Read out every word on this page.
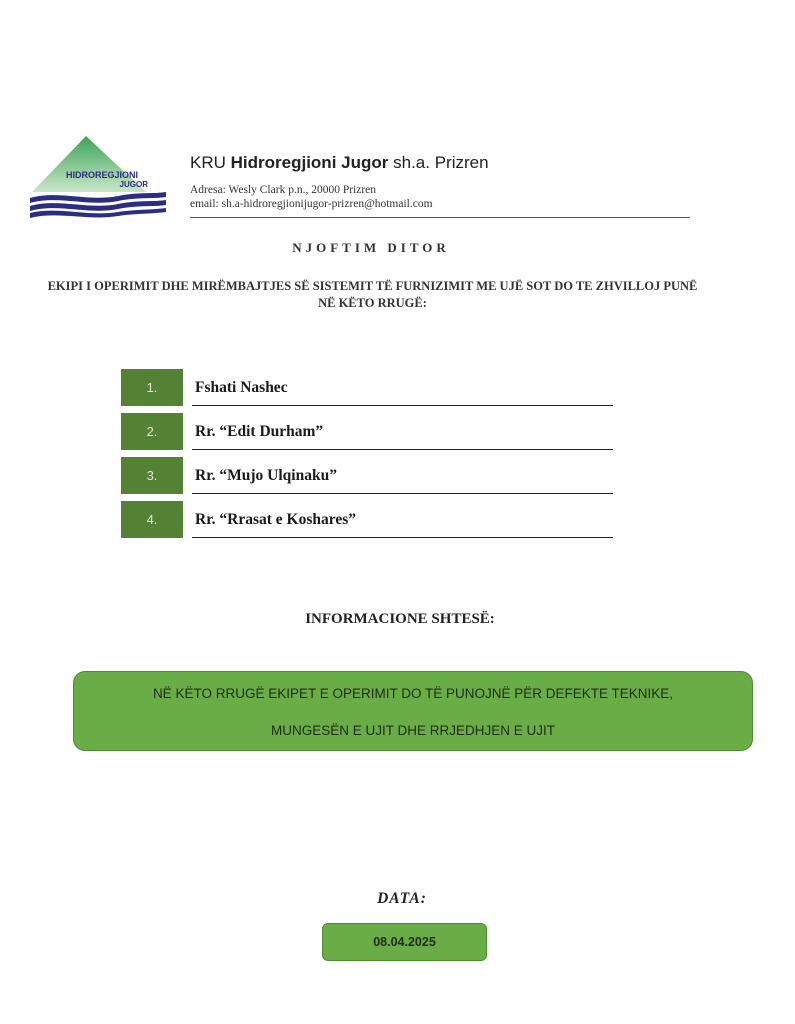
HIDROREGJIONI
JUGOR
KRU Hidroregjioni Jugor sh.a. Prizren
Adresa: Wesly Clark p.n., 20000 Prizren
email: sh.a-hidroregjionijugor-prizren@hotmail.com
NJOFTIM DITOR
EKIPI I OPERIMIT DHE MIRËMBAJTJES SË SISTEMIT TË FURNIZIMIT ME UJË SOT DO TE ZHVILLOJ PUNË NË KËTO RRUGË:
1.	Fshati Nashec
2.	Rr. “Edit Durham”
3.	Rr. “Mujo Ulqinaku”
4.	Rr. “Rrasat e Koshares”
INFORMACIONE SHTESË:
NË KËTO RRUGË EKIPET E OPERIMIT DO TË PUNOJNË PËR DEFEKTE TEKNIKE,
MUNGESËN E UJIT DHE RRJEDHJEN E UJIT
DATA:
08.04.2025
